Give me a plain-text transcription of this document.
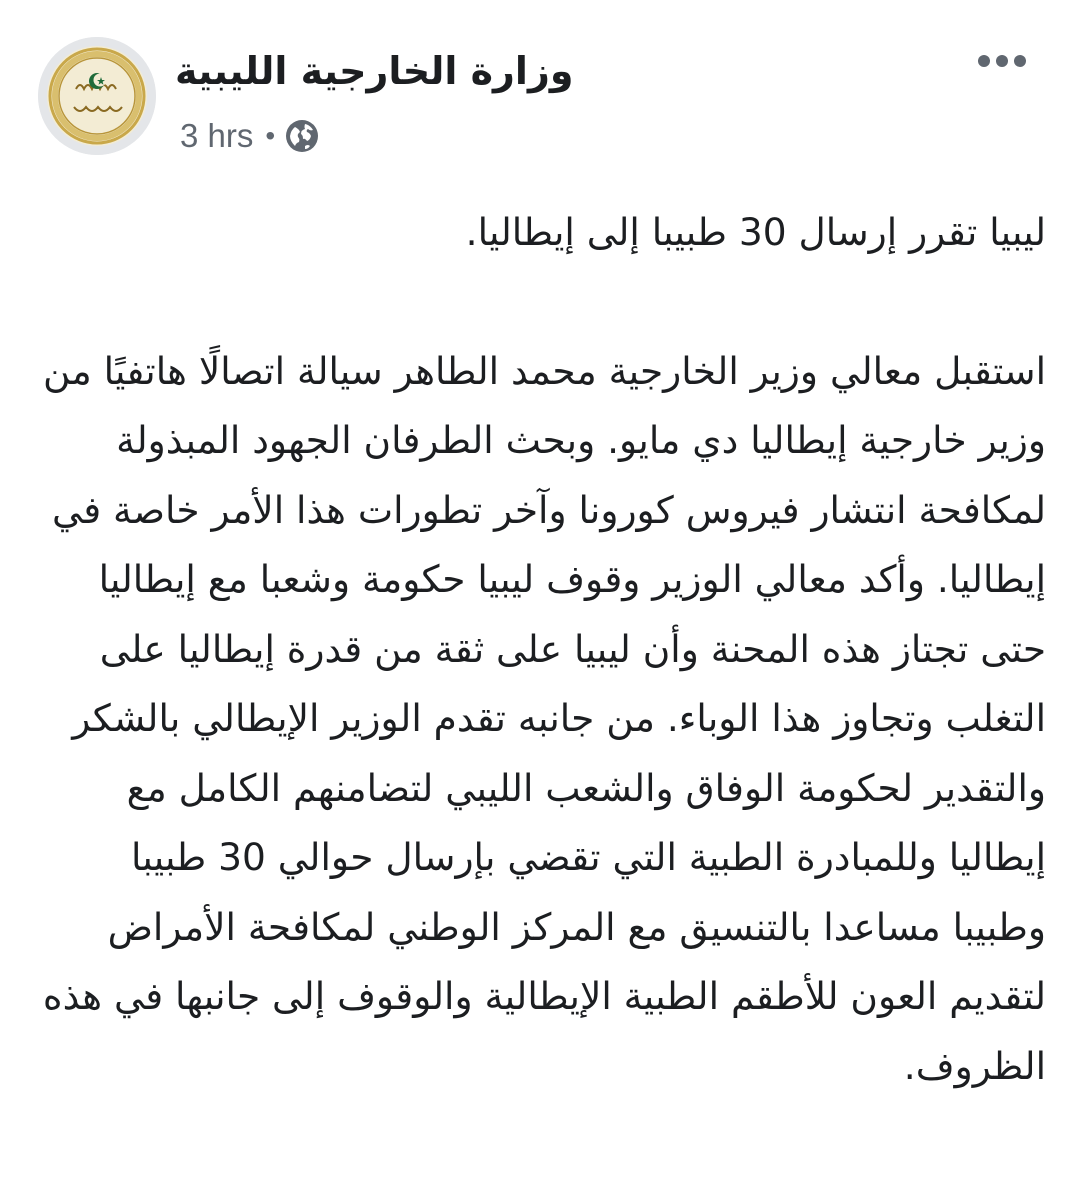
وزارة الخارجية الليبية
3 hrs •

ليبيا تقرر إرسال 30 طبيبا إلى إيطاليا.

استقبل معالي وزير الخارجية محمد الطاهر سيالة اتصالًا هاتفيًا من وزير خارجية إيطاليا دي مايو. وبحث الطرفان الجهود المبذولة لمكافحة انتشار فيروس كورونا وآخر تطورات هذا الأمر خاصة في إيطاليا. وأكد معالي الوزير وقوف ليبيا حكومة وشعبا مع إيطاليا حتى تجتاز هذه المحنة وأن ليبيا على ثقة من قدرة إيطاليا على التغلب وتجاوز هذا الوباء. من جانبه تقدم الوزير الإيطالي بالشكر والتقدير لحكومة الوفاق والشعب الليبي لتضامنهم الكامل مع إيطاليا وللمبادرة الطبية التي تقضي بإرسال حوالي 30 طبيبا وطبيبا مساعدا بالتنسيق مع المركز الوطني لمكافحة الأمراض لتقديم العون للأطقم الطبية الإيطالية والوقوف إلى جانبها في هذه الظروف.
